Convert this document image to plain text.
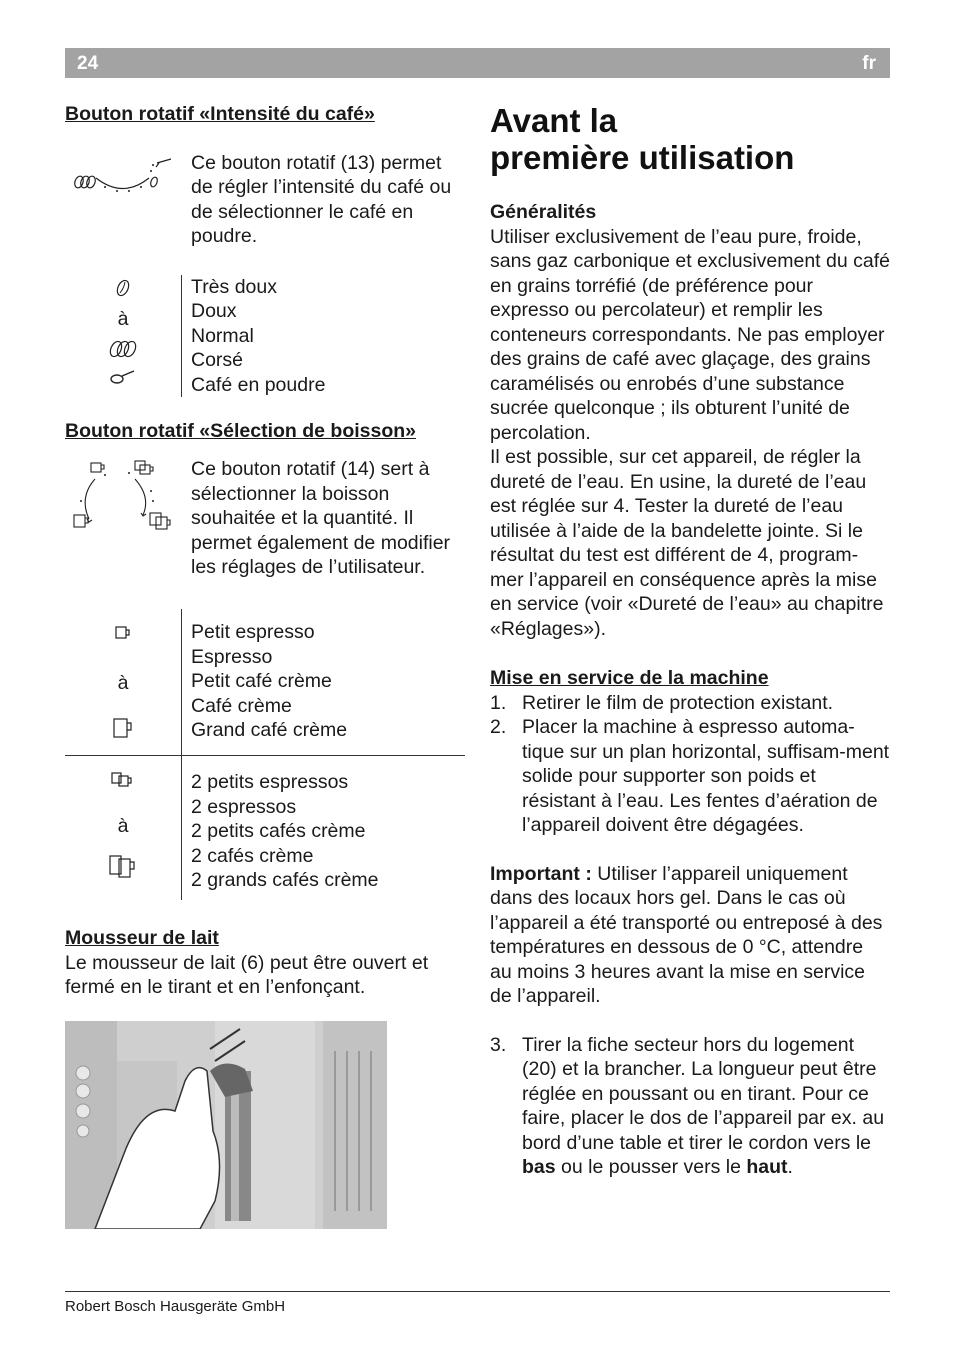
24	fr
Bouton rotatif «Intensité du café»
Ce bouton rotatif (13) permet de régler l’intensité du café ou de sélectionner le café en poudre.
à
Très doux
Doux
Normal
Corsé
Café en poudre
Bouton rotatif «Sélection de boisson»
Ce bouton rotatif (14) sert à sélectionner la boisson souhaitée et la quantité. Il permet également de modifier les réglages de l’utilisateur.
à
Petit espresso
Espresso
Petit café crème
Café crème
Grand café crème
à
2 petits espressos
2 espressos
2 petits cafés crème
2 cafés crème
2 grands cafés crème
Mousseur de lait
Le mousseur de lait (6) peut être ouvert et fermé en le tirant et en l’enfonçant.
Avant la
première utilisation
Généralités
Utiliser exclusivement de l’eau pure, froide, sans gaz carbonique et exclusivement du café en grains torréfié (de préférence pour expresso ou percolateur) et remplir les conteneurs correspondants. Ne pas employer des grains de café avec glaçage, des grains caramélisés ou enrobés d’une substance sucrée quelconque ; ils obturent l’unité de percolation.
Il est possible, sur cet appareil, de régler la dureté de l’eau. En usine, la dureté de l’eau est réglée sur 4. Tester la dureté de l’eau utilisée à l’aide de la bandelette jointe. Si le résultat du test est différent de 4, program-mer l’appareil en conséquence après la mise en service (voir «Dureté de l’eau» au chapitre «Réglages»).
Mise en service de la machine
1. Retirer le film de protection existant.
2. Placer la machine à espresso automa-tique sur un plan horizontal, suffisam-ment solide pour supporter son poids et résistant à l’eau. Les fentes d’aération de l’appareil doivent être dégagées.
Important : Utiliser l’appareil uniquement dans des locaux hors gel. Dans le cas où l’appareil a été transporté ou entreposé à des températures en dessous de 0 °C, attendre au moins 3 heures avant la mise en service de l’appareil.
3. Tirer la fiche secteur hors du logement (20) et la brancher. La longueur peut être réglée en poussant ou en tirant. Pour ce faire, placer le dos de l’appareil par ex. au bord d’une table et tirer le cordon vers le bas ou le pousser vers le haut.
Robert Bosch Hausgeräte GmbH
